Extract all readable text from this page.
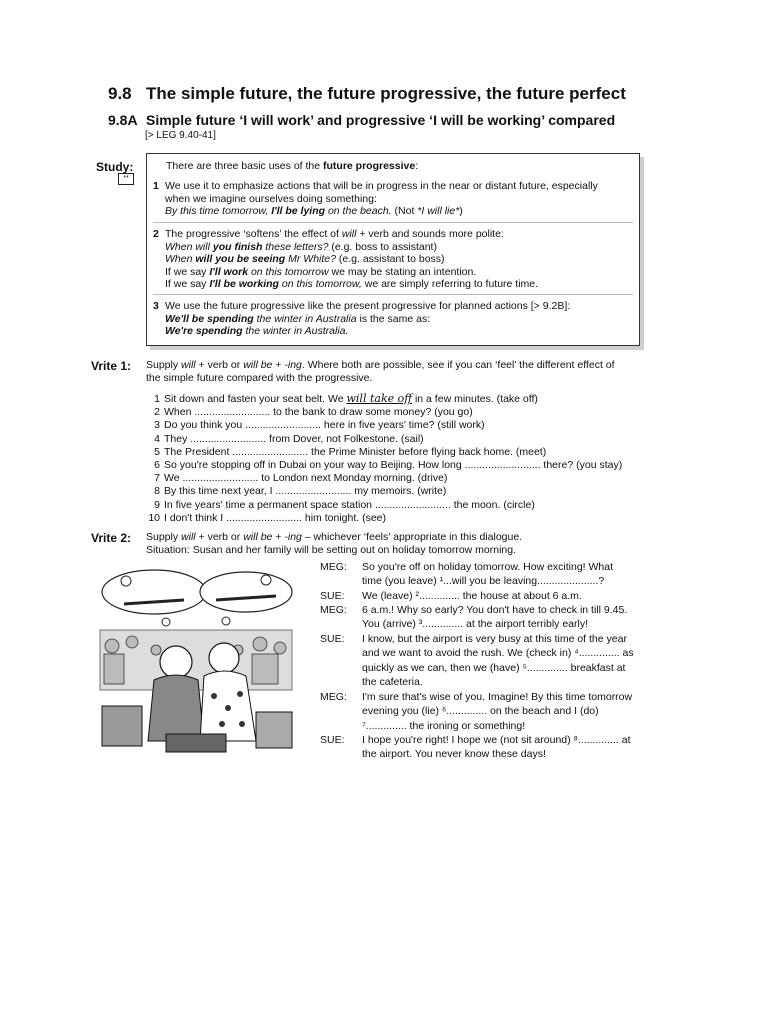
9.8 The simple future, the future progressive, the future perfect
9.8A Simple future ‘I will work’ and progressive ‘I will be working’ compared
[> LEG 9.40-41]
Study:
**
There are three basic uses of the future progressive:
1 We use it to emphasize actions that will be in progress in the near or distant future, especially
when we imagine ourselves doing something:
By this time tomorrow, I'll be lying on the beach. (Not *I will lie*)
2 The progressive ‘softens’ the effect of will + verb and sounds more polite:
When will you finish these letters? (e.g. boss to assistant)
When will you be seeing Mr White? (e.g. assistant to boss)
If we say I'll work on this tomorrow we may be stating an intention.
If we say I'll be working on this tomorrow, we are simply referring to future time.
3 We use the future progressive like the present progressive for planned actions [> 9.2B]:
We'll be spending the winter in Australia is the same as:
We're spending the winter in Australia.
Vrite 1: Supply will + verb or will be + -ing. Where both are possible, see if you can ‘feel’ the different effect of
the simple future compared with the progressive.
1 Sit down and fasten your seat belt. We will take off in a few minutes. (take off)
2 When .......................... to the bank to draw some money? (you go)
3 Do you think you .......................... here in five years' time? (still work)
4 They .......................... from Dover, not Folkestone. (sail)
5 The President .......................... the Prime Minister before flying back home. (meet)
6 So you're stopping off in Dubai on your way to Beijing. How long .......................... there? (you stay)
7 We .......................... to London next Monday morning. (drive)
8 By this time next year, I .......................... my memoirs. (write)
9 In five years' time a permanent space station .......................... the moon. (circle)
10 I don't think I .......................... him tonight. (see)
Vrite 2: Supply will + verb or will be + -ing – whichever ‘feels’ appropriate in this dialogue.
Situation: Susan and her family will be setting out on holiday tomorrow morning.
MEG: So you're off on holiday tomorrow. How exciting! What
time (you leave) ¹...will you be leaving.....................?
SUE: We (leave) ².............. the house at about 6 a.m.
MEG: 6 a.m.! Why so early? You don't have to check in till 9.45.
You (arrive) ³.............. at the airport terribly early!
SUE: I know, but the airport is very busy at this time of the year
and we want to avoid the rush. We (check in) ⁴.............. as
quickly as we can, then we (have) ⁵.............. breakfast at
the cafeteria.
MEG: I'm sure that's wise of you. Imagine! By this time tomorrow
evening you (lie) ⁶.............. on the beach and I (do)
⁷.............. the ironing or something!
SUE: I hope you're right! I hope we (not sit around) ⁸.............. at
the airport. You never know these days!
